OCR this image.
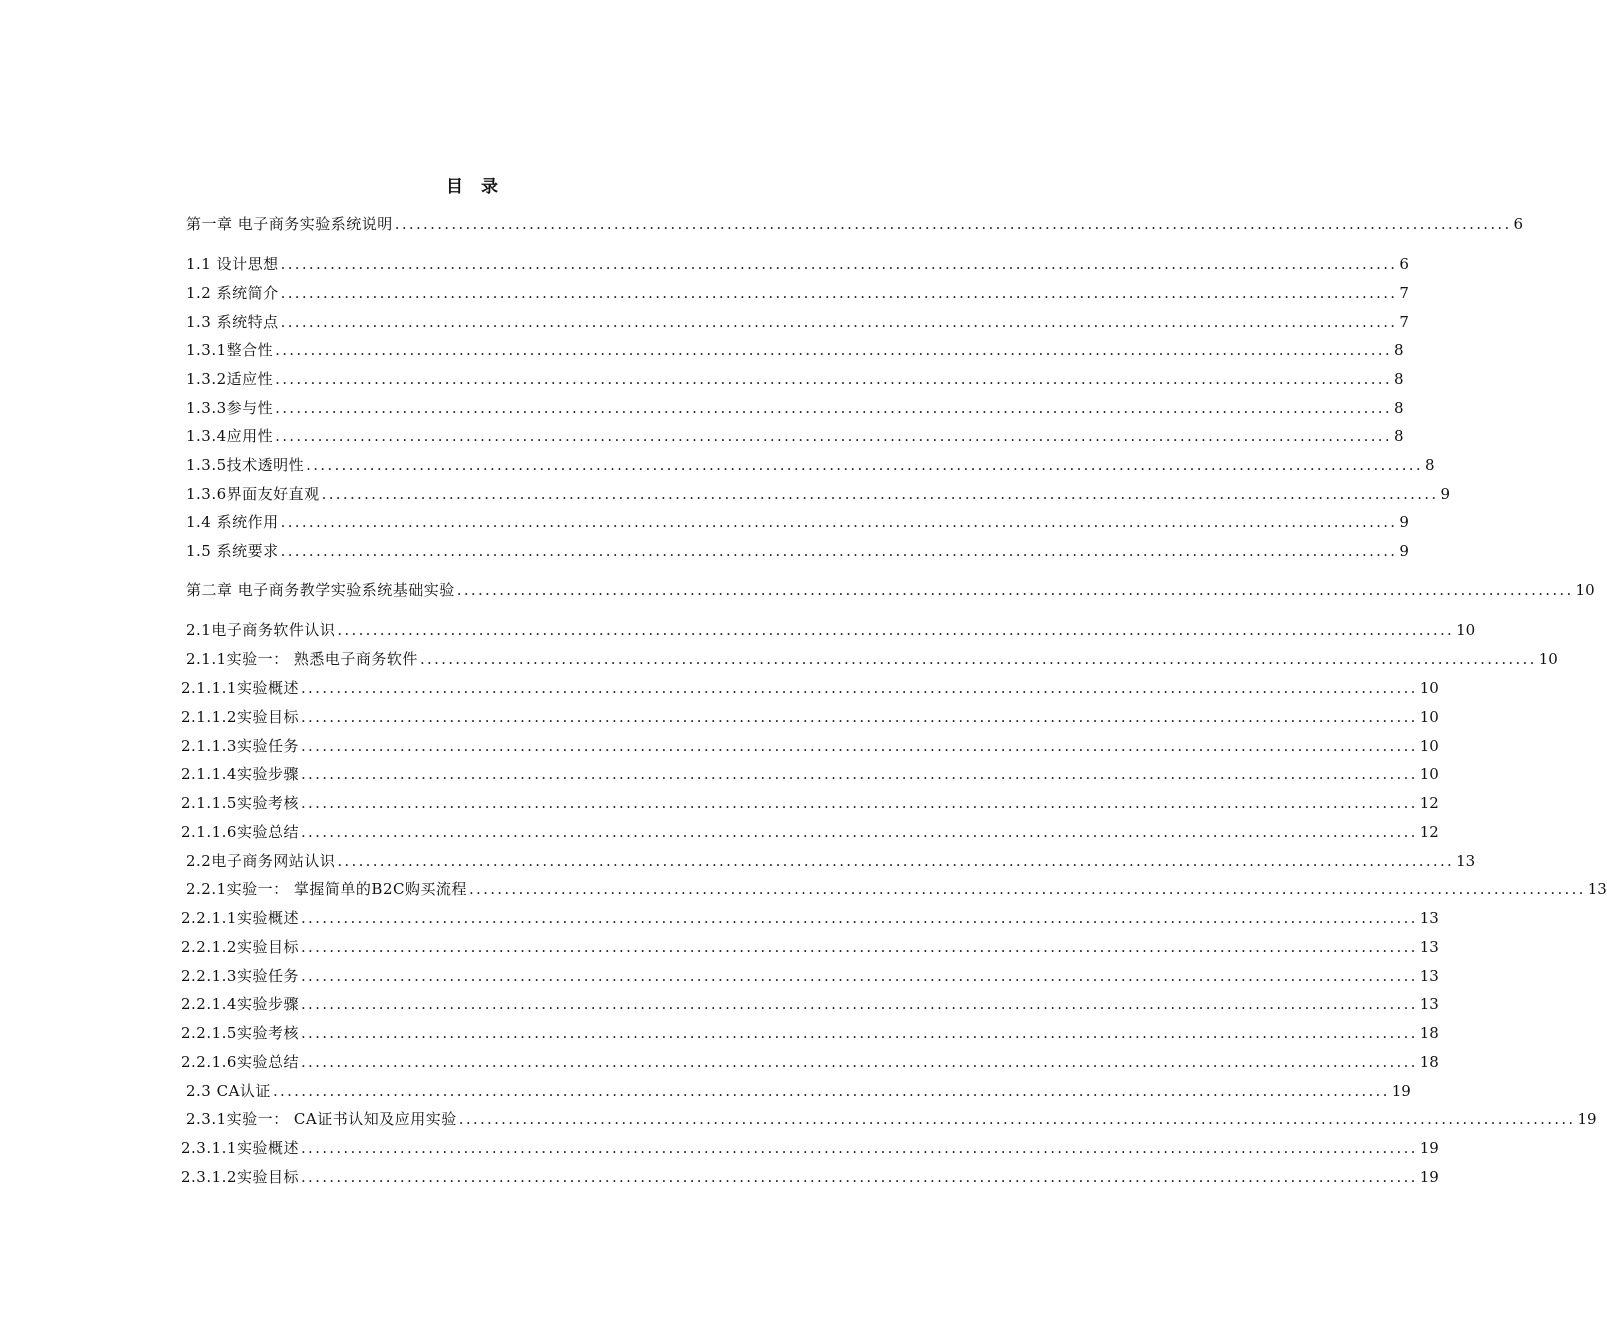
目 录
第一章 电子商务实验系统说明 .............................................................................................................................................................. 6
1.1 设计思想 .............................................................................................................................................................. 6
1.2 系统简介 .............................................................................................................................................................. 7
1.3 系统特点 .............................................................................................................................................................. 7
1.3.1整合性 .............................................................................................................................................................. 8
1.3.2适应性 .............................................................................................................................................................. 8
1.3.3参与性 .............................................................................................................................................................. 8
1.3.4应用性 .............................................................................................................................................................. 8
1.3.5技术透明性 .............................................................................................................................................................. 8
1.3.6界面友好直观 .............................................................................................................................................................. 9
1.4 系统作用 .............................................................................................................................................................. 9
1.5 系统要求 .............................................................................................................................................................. 9
第二章 电子商务教学实验系统基础实验 .............................................................................................................................................................. 10
2.1电子商务软件认识 .............................................................................................................................................................. 10
2.1.1实验一： 熟悉电子商务软件 .............................................................................................................................................................. 10
2.1.1.1实验概述 .............................................................................................................................................................. 10
2.1.1.2实验目标 .............................................................................................................................................................. 10
2.1.1.3实验任务 .............................................................................................................................................................. 10
2.1.1.4实验步骤 .............................................................................................................................................................. 10
2.1.1.5实验考核 .............................................................................................................................................................. 12
2.1.1.6实验总结 .............................................................................................................................................................. 12
2.2电子商务网站认识 .............................................................................................................................................................. 13
2.2.1实验一： 掌握简单的B2C购买流程 .............................................................................................................................................................. 13
2.2.1.1实验概述 .............................................................................................................................................................. 13
2.2.1.2实验目标 .............................................................................................................................................................. 13
2.2.1.3实验任务 .............................................................................................................................................................. 13
2.2.1.4实验步骤 .............................................................................................................................................................. 13
2.2.1.5实验考核 .............................................................................................................................................................. 18
2.2.1.6实验总结 .............................................................................................................................................................. 18
2.3 CA认证 .............................................................................................................................................................. 19
2.3.1实验一： CA证书认知及应用实验 .............................................................................................................................................................. 19
2.3.1.1实验概述 .............................................................................................................................................................. 19
2.3.1.2实验目标 .............................................................................................................................................................. 19
